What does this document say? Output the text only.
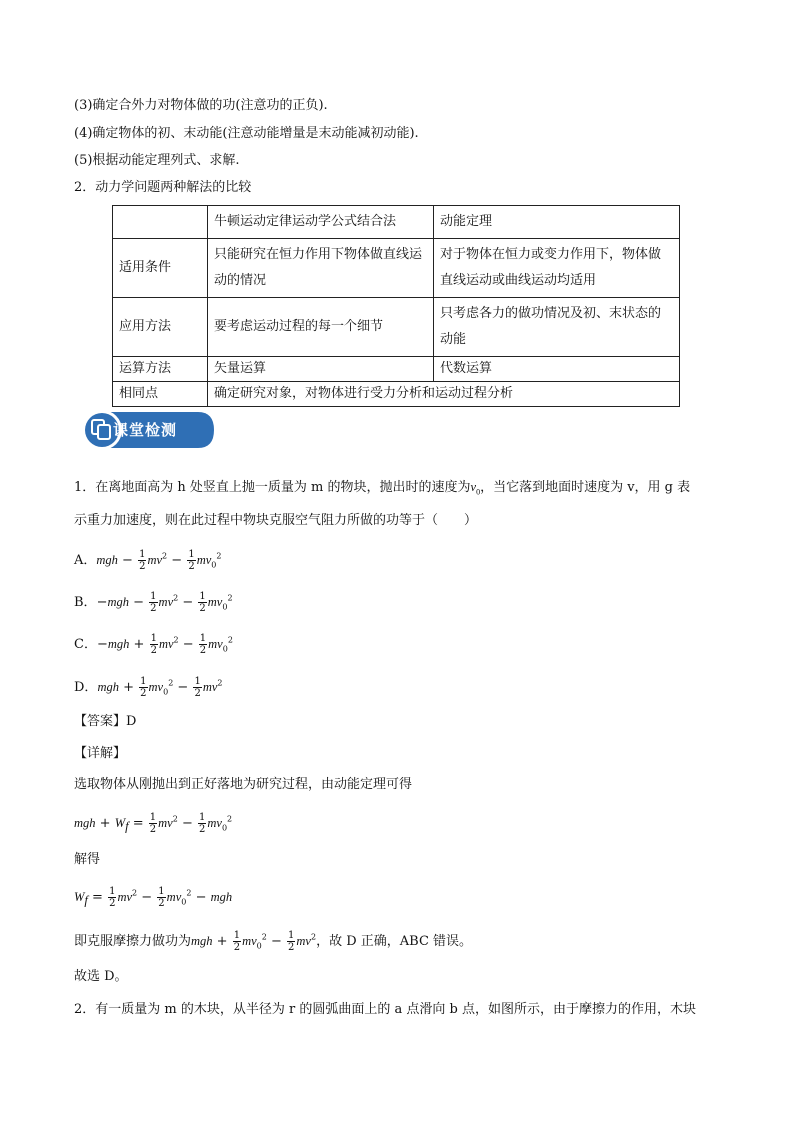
(3)确定合外力对物体做的功(注意功的正负).
(4)确定物体的初、末动能(注意动能增量是末动能减初动能).
(5)根据动能定理列式、求解.
2．动力学问题两种解法的比较
	牛顿运动定律运动学公式结合法	动能定理
适用条件	只能研究在恒力作用下物体做直线运动的情况	对于物体在恒力或变力作用下，物体做直线运动或曲线运动均适用
应用方法	要考虑运动过程的每一个细节	只考虑各力的做功情况及初、末状态的动能
运算方法	矢量运算	代数运算
相同点	确定研究对象，对物体进行受力分析和运动过程分析	
课堂检测
1．在离地面高为 h 处竖直上抛一质量为 m 的物块，抛出时的速度为$v_0$，当它落到地面时速度为 v，用 g 表
示重力加速度，则在此过程中物块克服空气阻力所做的功等于（　　）
A．mgh − $\frac{1}{2} mv^2 - \frac{1}{2} mv_0^2$
B．$-mgh - \frac{1}{2} mv^2 - \frac{1}{2} mv_0^2$
C．$-mgh + \frac{1}{2} mv^2 - \frac{1}{2} mv_0^2$
D．mgh + $\frac{1}{2} mv_0^2 - \frac{1}{2} mv^2$
【答案】D
【详解】
选取物体从刚抛出到正好落地为研究过程，由动能定理可得
mgh + $W_f = \frac{1}{2} mv^2 - \frac{1}{2} mv_0^2$
解得
$W_f = \frac{1}{2} mv^2 - \frac{1}{2} mv_0^2$ − mgh
即克服摩擦力做功为mgh + $\frac{1}{2} mv_0^2 - \frac{1}{2} mv^2$，故 D 正确，ABC 错误。
故选 D。
2．有一质量为 m 的木块，从半径为 r 的圆弧曲面上的 a 点滑向 b 点，如图所示，由于摩擦力的作用，木块
